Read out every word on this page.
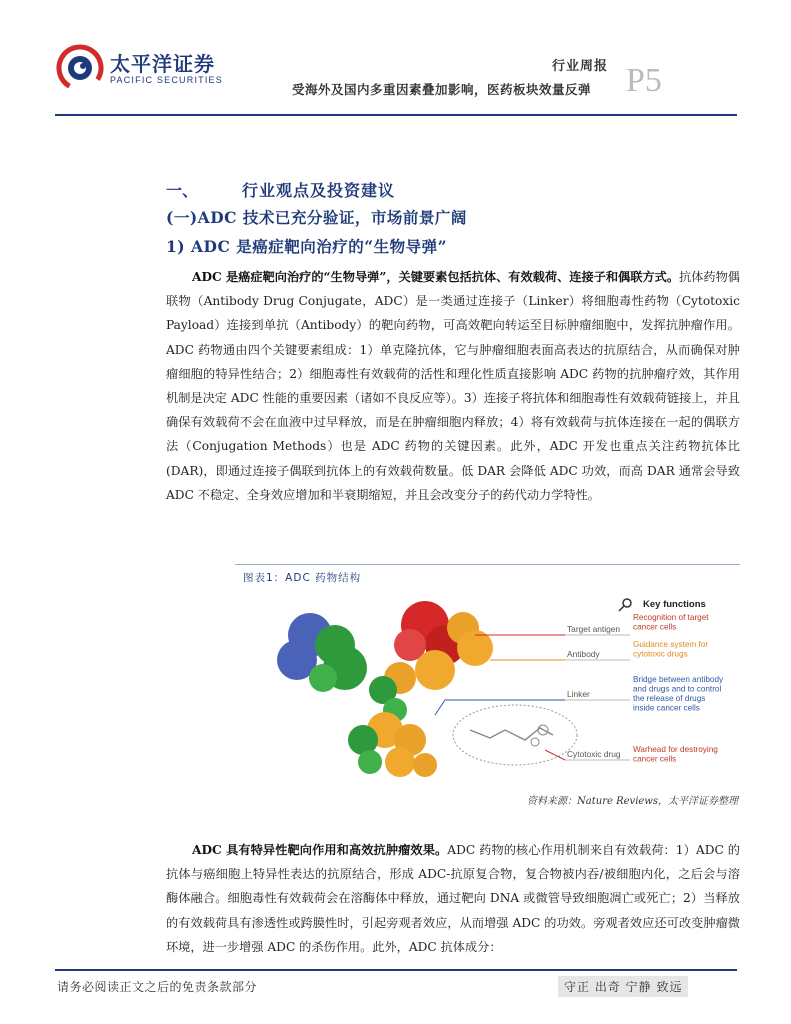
太平洋证券
PACIFIC SECURITIES
行业周报
受海外及国内多重因素叠加影响，医药板块效量反弹 P5
一、	行业观点及投资建议
(一)ADC 技术已充分验证，市场前景广阔
1) ADC 是癌症靶向治疗的“生物导弹”
ADC 是癌症靶向治疗的“生物导弹”，关键要素包括抗体、有效载荷、连接子和偶联方式。抗体药物偶联物（Antibody Drug Conjugate，ADC）是一类通过连接子（Linker）将细胞毒性药物（Cytotoxic Payload）连接到单抗（Antibody）的靶向药物，可高效靶向转运至目标肿瘤细胞中，发挥抗肿瘤作用。ADC 药物通由四个关键要素组成：1）单克隆抗体，它与肿瘤细胞表面高表达的抗原结合，从而确保对肿瘤细胞的特异性结合；2）细胞毒性有效载荷的活性和理化性质直接影响 ADC 药物的抗肿瘤疗效，其作用机制是决定 ADC 性能的重要因素（诸如不良反应等）。3）连接子将抗体和细胞毒性有效载荷链接上，并且确保有效载荷不会在血液中过早释放，而是在肿瘤细胞内释放；4）将有效载荷与抗体连接在一起的偶联方法（Conjugation Methods）也是 ADC 药物的关键因素。此外，ADC 开发也重点关注药物抗体比 (DAR)，即通过连接子偶联到抗体上的有效载荷数量。低 DAR 会降低 ADC 功效，而高 DAR 通常会导致 ADC 不稳定、全身效应增加和半衰期缩短，并且会改变分子的药代动力学特性。
图表1：ADC 药物结构
Key functions
Target antigen
Antibody
Linker
Cytotoxic drug
Recognition of target
cancer cells
Guidance system for
cytotoxic drugs
Bridge between antibody
and drugs and to control
the release of drugs
inside cancer cells
Warhead for destroying
cancer cells
资料来源：Nature Reviews，太平洋证券整理
ADC 具有特异性靶向作用和高效抗肿瘤效果。ADC 药物的核心作用机制来自有效载荷：1）ADC 的抗体与癌细胞上特异性表达的抗原结合，形成 ADC-抗原复合物，复合物被内吞/被细胞内化，之后会与溶酶体融合。细胞毒性有效载荷会在溶酶体中释放，通过靶向 DNA 或微管导致细胞凋亡或死亡；2）当释放的有效载荷具有渗透性或跨膜性时，引起旁观者效应，从而增强 ADC 的功效。旁观者效应还可改变肿瘤微环境，进一步增强 ADC 的杀伤作用。此外，ADC 抗体成分：
请务必阅读正文之后的免责条款部分	守正 出奇 宁静 致远
